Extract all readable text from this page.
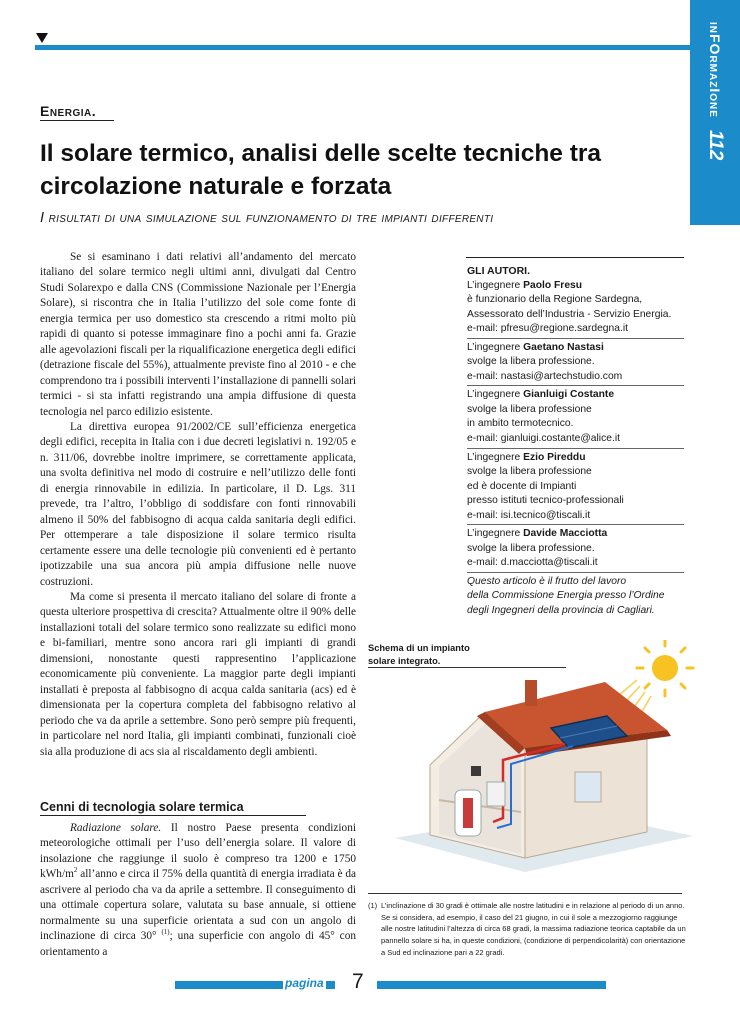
inFOrmazIone
112
Energia.
Il solare termico, analisi delle scelte tecniche tra circolazione naturale e forzata
I risultati di una simulazione sul funzionamento di tre impianti differenti

Se si esaminano i dati relativi all’andamento del mercato italiano del solare termico negli ultimi anni, divulgati dal Centro Studi Solarexpo e dalla CNS (Commissione Nazionale per l’Energia Solare), si riscontra che in Italia l’utilizzo del sole come fonte di energia termica per uso domestico sta crescendo a ritmi molto più rapidi di quanto si potesse immaginare fino a pochi anni fa. Grazie alle agevolazioni fiscali per la riqualificazione energetica degli edifici (detrazione fiscale del 55%), attualmente previste fino al 2010 - e che comprendono tra i possibili interventi l’installazione di pannelli solari termici - si sta infatti registrando una ampia diffusione di questa tecnologia nel parco edilizio esistente.

La direttiva europea 91/2002/CE sull’efficienza energetica degli edifici, recepita in Italia con i due decreti legislativi n. 192/05 e n. 311/06, dovrebbe inoltre imprimere, se correttamente applicata, una svolta definitiva nel modo di costruire e nell’utilizzo delle fonti di energia rinnovabile in edilizia. In particolare, il D. Lgs. 311 prevede, tra l’altro, l’obbligo di soddisfare con fonti rinnovabili almeno il 50% del fabbisogno di acqua calda sanitaria degli edifici. Per ottemperare a tale disposizione il solare termico risulta certamente essere una delle tecnologie più convenienti ed è pertanto ipotizzabile una sua ancora più ampia diffusione nelle nuove costruzioni.

Ma come si presenta il mercato italiano del solare di fronte a questa ulteriore prospettiva di crescita? Attualmente oltre il 90% delle installazioni totali del solare termico sono realizzate su edifici mono e bi-familiari, mentre sono ancora rari gli impianti di grandi dimensioni, nonostante questi rappresentino l’applicazione economicamente più conveniente. La maggior parte degli impianti installati è preposta al fabbisogno di acqua calda sanitaria (acs) ed è dimensionata per la copertura completa del fabbisogno relativo al periodo che va da aprile a settembre. Sono però sempre più frequenti, in particolare nel nord Italia, gli impianti combinati, funzionali cioè sia alla produzione di acs sia al riscaldamento degli ambienti.

Cenni di tecnologia solare termica

Radiazione solare. Il nostro Paese presenta condizioni meteorologiche ottimali per l’uso dell’energia solare. Il valore di insolazione che raggiunge il suolo è compreso tra 1200 e 1750 kWh/$m^2$ all’anno e circa il 75% della quantità di energia irradiata è da ascrivere al periodo cha va da aprile a settembre. Il conseguimento di una ottimale copertura solare, valutata su base annuale, si ottiene normalmente su una superficie orientata a sud con un angolo di inclinazione di circa 30° $^{(1)}$; una superficie con angolo di 45° con orientamento a

GLI AUTORI.
L’ingegnere Paolo Fresu
è funzionario della Regione Sardegna,
Assessorato dell’Industria - Servizio Energia.
e-mail: pfresu@regione.sardegna.it
L’ingegnere Gaetano Nastasi
svolge la libera professione.
e-mail: nastasi@artechstudio.com
L’ingegnere Gianluigi Costante
svolge la libera professione
in ambito termotecnico.
e-mail: gianluigi.costante@alice.it
L’ingegnere Ezio Pireddu
svolge la libera professione
ed è docente di Impianti
presso istituti tecnico-professionali
e-mail: isi.tecnico@tiscali.it
L’ingegnere Davide Macciotta
svolge la libera professione.
e-mail: d.macciotta@tiscali.it
Questo articolo è il frutto del lavoro
della Commissione Energia presso l’Ordine
degli Ingegneri della provincia di Cagliari.
Schema di un impianto
solare integrato.
(1) L’inclinazione di 30 gradi è ottimale alle nostre latitudini e in relazione al periodo di un anno. Se si considera, ad esempio, il caso del 21 giugno, in cui il sole a mezzogiorno raggiunge alle nostre latitudini l’altezza di circa 68 gradi, la massima radiazione teorica captabile da un pannello solare si ha, in queste condizioni, (condizione di perpendicolarità) con orientazione a Sud ed inclinazione pari a 22 gradi.
pagina 7
